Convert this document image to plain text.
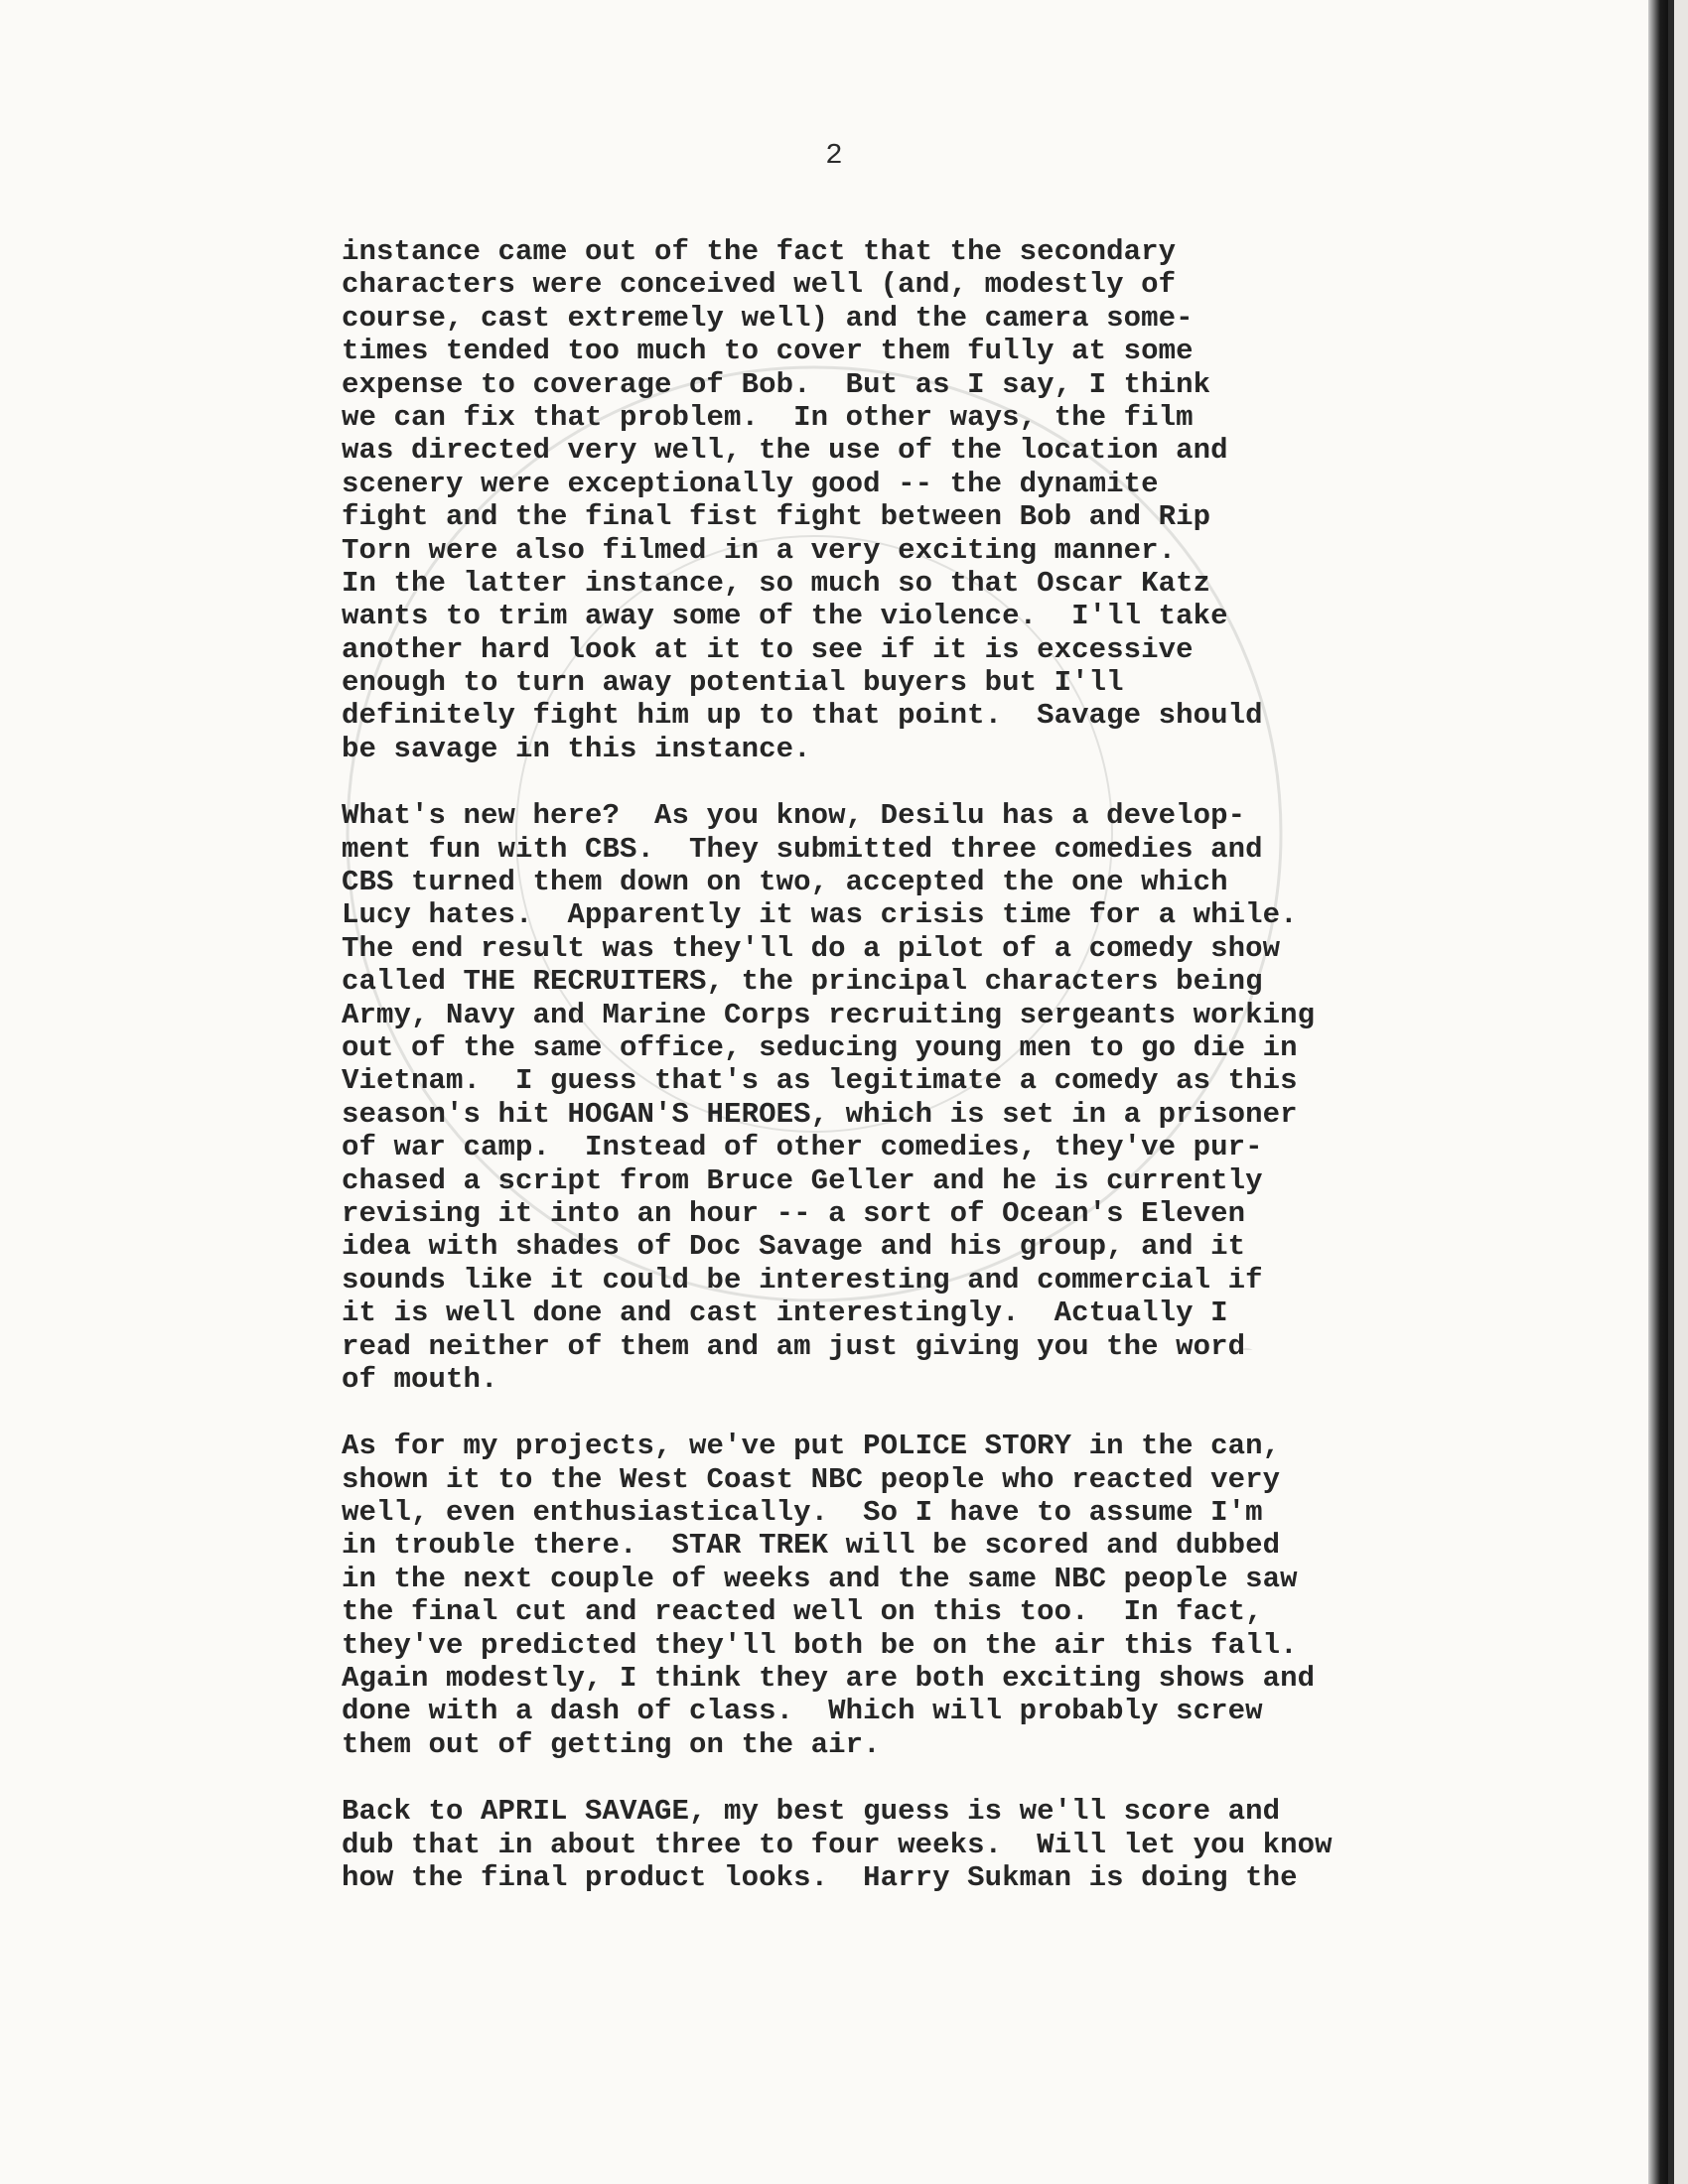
2
instance came out of the fact that the secondary
characters were conceived well (and, modestly of
course, cast extremely well) and the camera some-
times tended too much to cover them fully at some
expense to coverage of Bob.  But as I say, I think
we can fix that problem.  In other ways, the film
was directed very well, the use of the location and
scenery were exceptionally good -- the dynamite
fight and the final fist fight between Bob and Rip
Torn were also filmed in a very exciting manner.
In the latter instance, so much so that Oscar Katz
wants to trim away some of the violence.  I'll take
another hard look at it to see if it is excessive
enough to turn away potential buyers but I'll
definitely fight him up to that point.  Savage should
be savage in this instance.
What's new here?  As you know, Desilu has a develop-
ment fun with CBS.  They submitted three comedies and
CBS turned them down on two, accepted the one which
Lucy hates.  Apparently it was crisis time for a while.
The end result was they'll do a pilot of a comedy show
called THE RECRUITERS, the principal characters being
Army, Navy and Marine Corps recruiting sergeants working
out of the same office, seducing young men to go die in
Vietnam.  I guess that's as legitimate a comedy as this
season's hit HOGAN'S HEROES, which is set in a prisoner
of war camp.  Instead of other comedies, they've pur-
chased a script from Bruce Geller and he is currently
revising it into an hour -- a sort of Ocean's Eleven
idea with shades of Doc Savage and his group, and it
sounds like it could be interesting and commercial if
it is well done and cast interestingly.  Actually I
read neither of them and am just giving you the word
of mouth.
As for my projects, we've put POLICE STORY in the can,
shown it to the West Coast NBC people who reacted very
well, even enthusiastically.  So I have to assume I'm
in trouble there.  STAR TREK will be scored and dubbed
in the next couple of weeks and the same NBC people saw
the final cut and reacted well on this too.  In fact,
they've predicted they'll both be on the air this fall.
Again modestly, I think they are both exciting shows and
done with a dash of class.  Which will probably screw
them out of getting on the air.
Back to APRIL SAVAGE, my best guess is we'll score and
dub that in about three to four weeks.  Will let you know
how the final product looks.  Harry Sukman is doing the
